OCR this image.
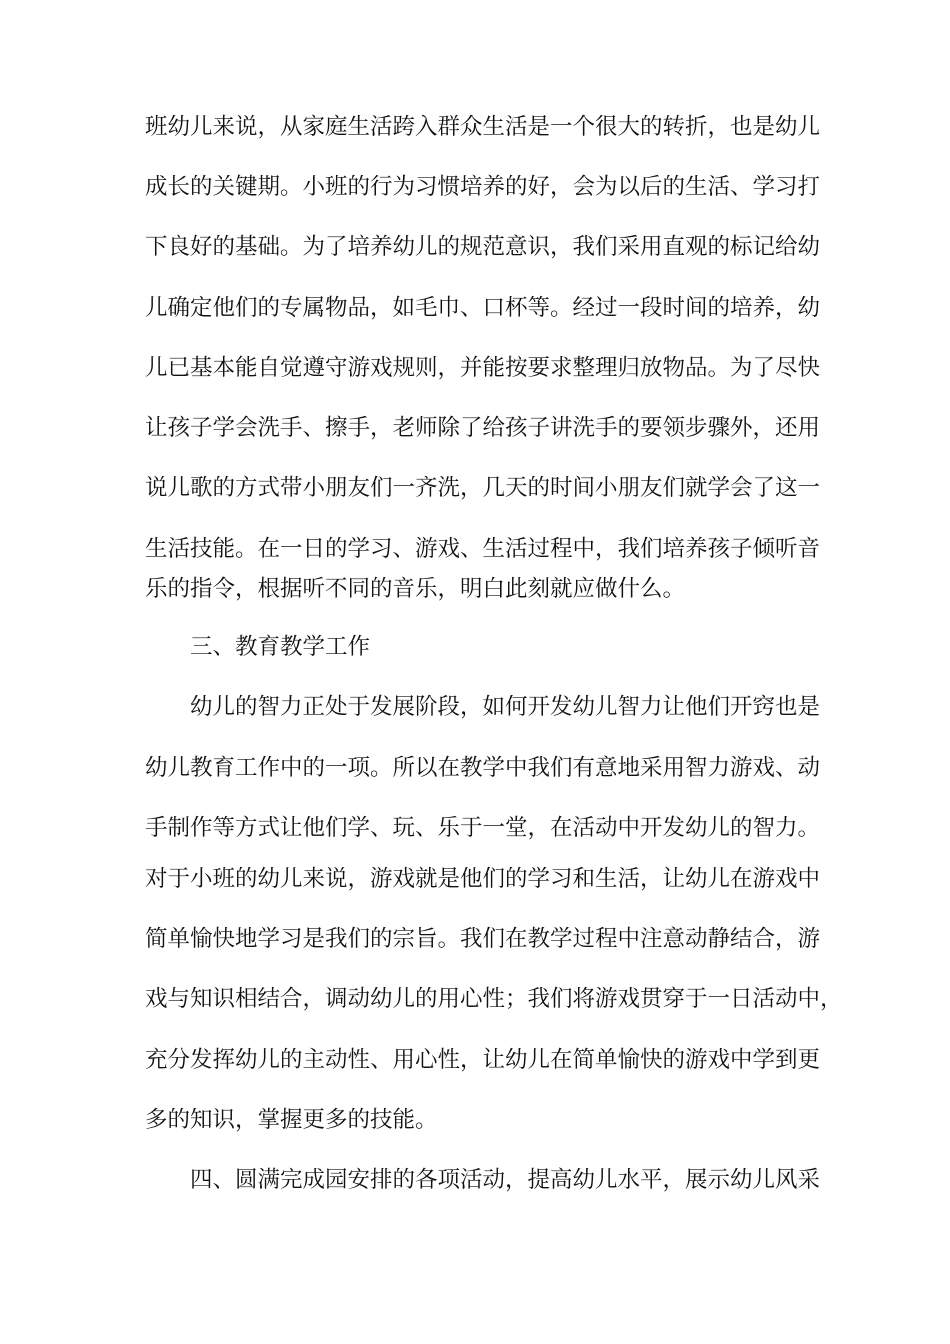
班幼儿来说，从家庭生活跨入群众生活是一个很大的转折，也是幼儿
成长的关键期。小班的行为习惯培养的好，会为以后的生活、学习打
下良好的基础。为了培养幼儿的规范意识，我们采用直观的标记给幼
儿确定他们的专属物品，如毛巾、口杯等。经过一段时间的培养，幼
儿已基本能自觉遵守游戏规则，并能按要求整理归放物品。为了尽快
让孩子学会洗手、擦手，老师除了给孩子讲洗手的要领步骤外，还用
说儿歌的方式带小朋友们一齐洗，几天的时间小朋友们就学会了这一
生活技能。在一日的学习、游戏、生活过程中，我们培养孩子倾听音
乐的指令，根据听不同的音乐，明白此刻就应做什么。
三、教育教学工作
幼儿的智力正处于发展阶段，如何开发幼儿智力让他们开窍也是
幼儿教育工作中的一项。所以在教学中我们有意地采用智力游戏、动
手制作等方式让他们学、玩、乐于一堂，在活动中开发幼儿的智力。
对于小班的幼儿来说，游戏就是他们的学习和生活，让幼儿在游戏中
简单愉快地学习是我们的宗旨。我们在教学过程中注意动静结合，游
戏与知识相结合，调动幼儿的用心性；我们将游戏贯穿于一日活动中，
充分发挥幼儿的主动性、用心性，让幼儿在简单愉快的游戏中学到更
多的知识，掌握更多的技能。
四、圆满完成园安排的各项活动，提高幼儿水平，展示幼儿风采
